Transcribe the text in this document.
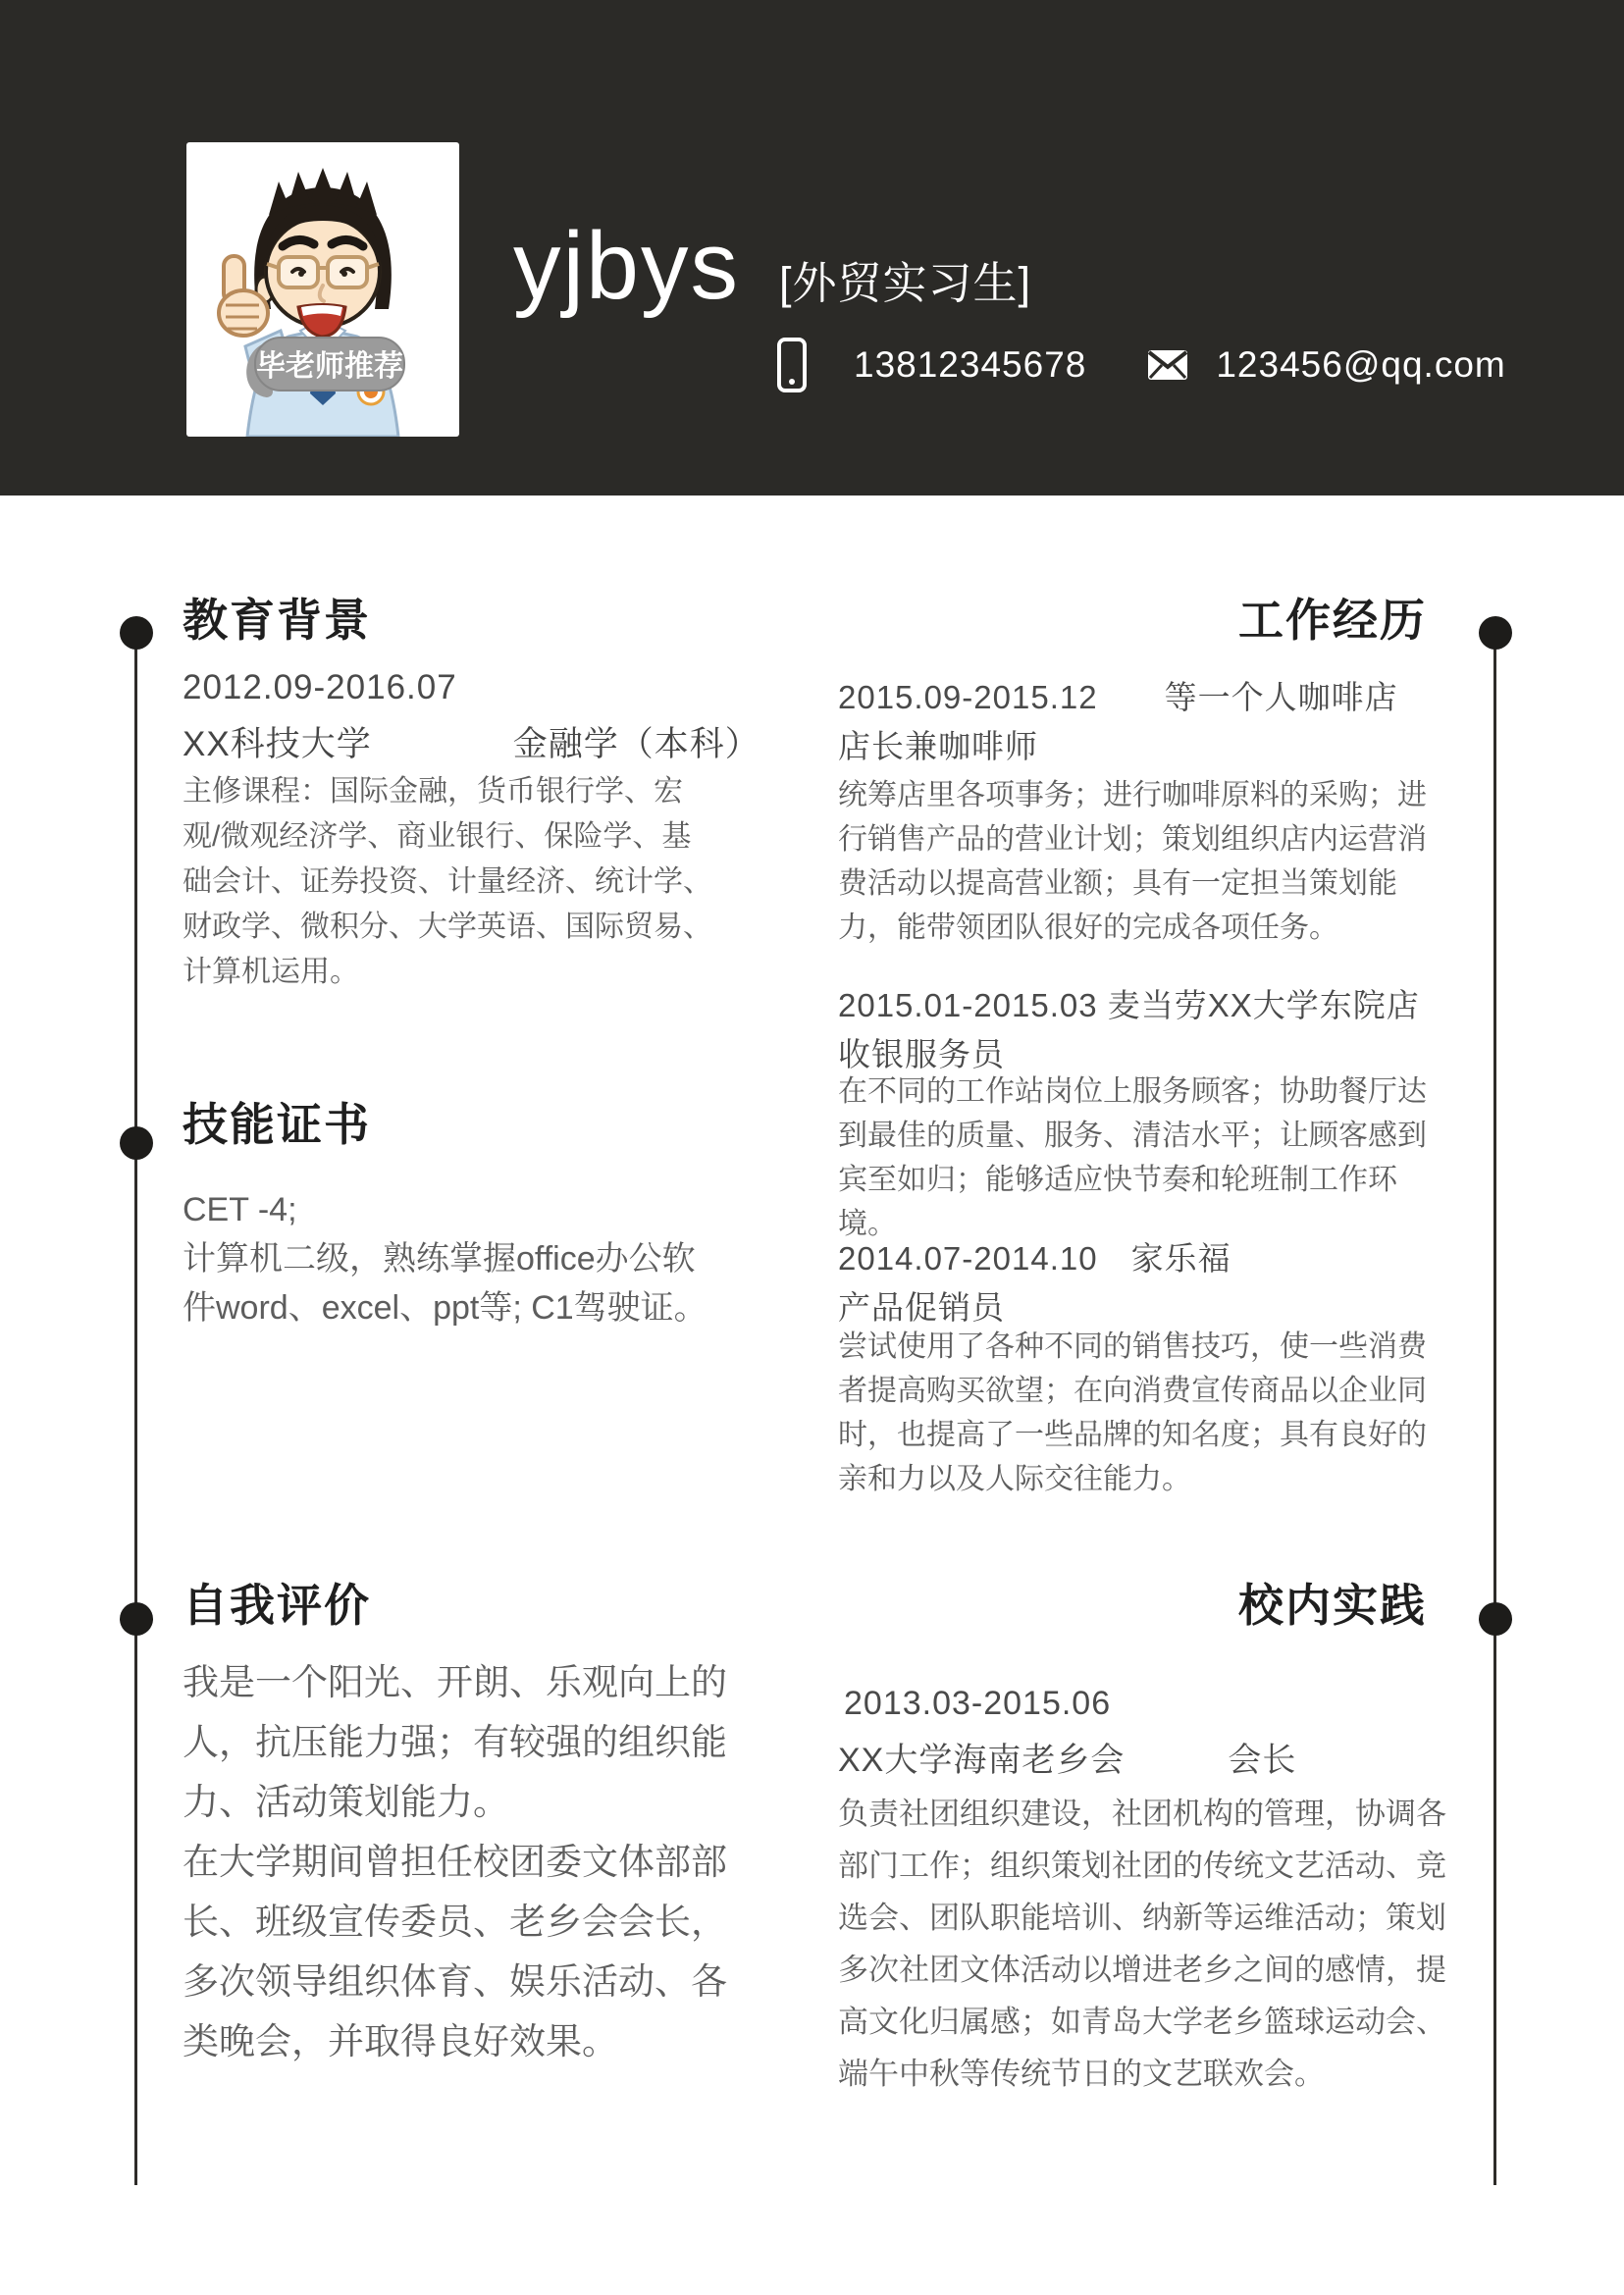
毕老师推荐
yjbys [外贸实习生]
13812345678	123456@qq.com
教育背景
2012.09-2016.07
XX科技大学　　　　金融学（本科）
主修课程：国际金融，货币银行学、宏观/微观经济学、商业银行、保险学、基础会计、证券投资、计量经济、统计学、财政学、微积分、大学英语、国际贸易、计算机运用。
技能证书

CET -4;

计算机二级，熟练掌握office办公软件word、excel、ppt等; C1驾驶证。

自我评价

我是一个阳光、开朗、乐观向上的人，抗压能力强；有较强的组织能力、活动策划能力。

在大学期间曾担任校团委文体部部长、班级宣传委员、老乡会会长，多次领导组织体育、娱乐活动、各类晚会，并取得良好效果。

工作经历
2015.09-2015.12　　等一个人咖啡店店长兼咖啡师
统筹店里各项事务；进行咖啡原料的采购；进行销售产品的营业计划；策划组织店内运营消费活动以提高营业额；具有一定担当策划能力，能带领团队很好的完成各项任务。
2015.01-2015.03 麦当劳XX大学东院店收银服务员
在不同的工作站岗位上服务顾客；协助餐厅达到最佳的质量、服务、清洁水平；让顾客感到宾至如归；能够适应快节奏和轮班制工作环境。
2014.07-2014.10　家乐福
产品促销员
尝试使用了各种不同的销售技巧，使一些消费者提高购买欲望；在向消费宣传商品以企业同时，也提高了一些品牌的知名度；具有良好的亲和力以及人际交往能力。
校内实践
2013.03-2015.06
XX大学海南老乡会　　　会长
负责社团组织建设，社团机构的管理，协调各部门工作；组织策划社团的传统文艺活动、竞选会、团队职能培训、纳新等运维活动；策划多次社团文体活动以增进老乡之间的感情，提高文化归属感；如青岛大学老乡篮球运动会、端午中秋等传统节日的文艺联欢会。
